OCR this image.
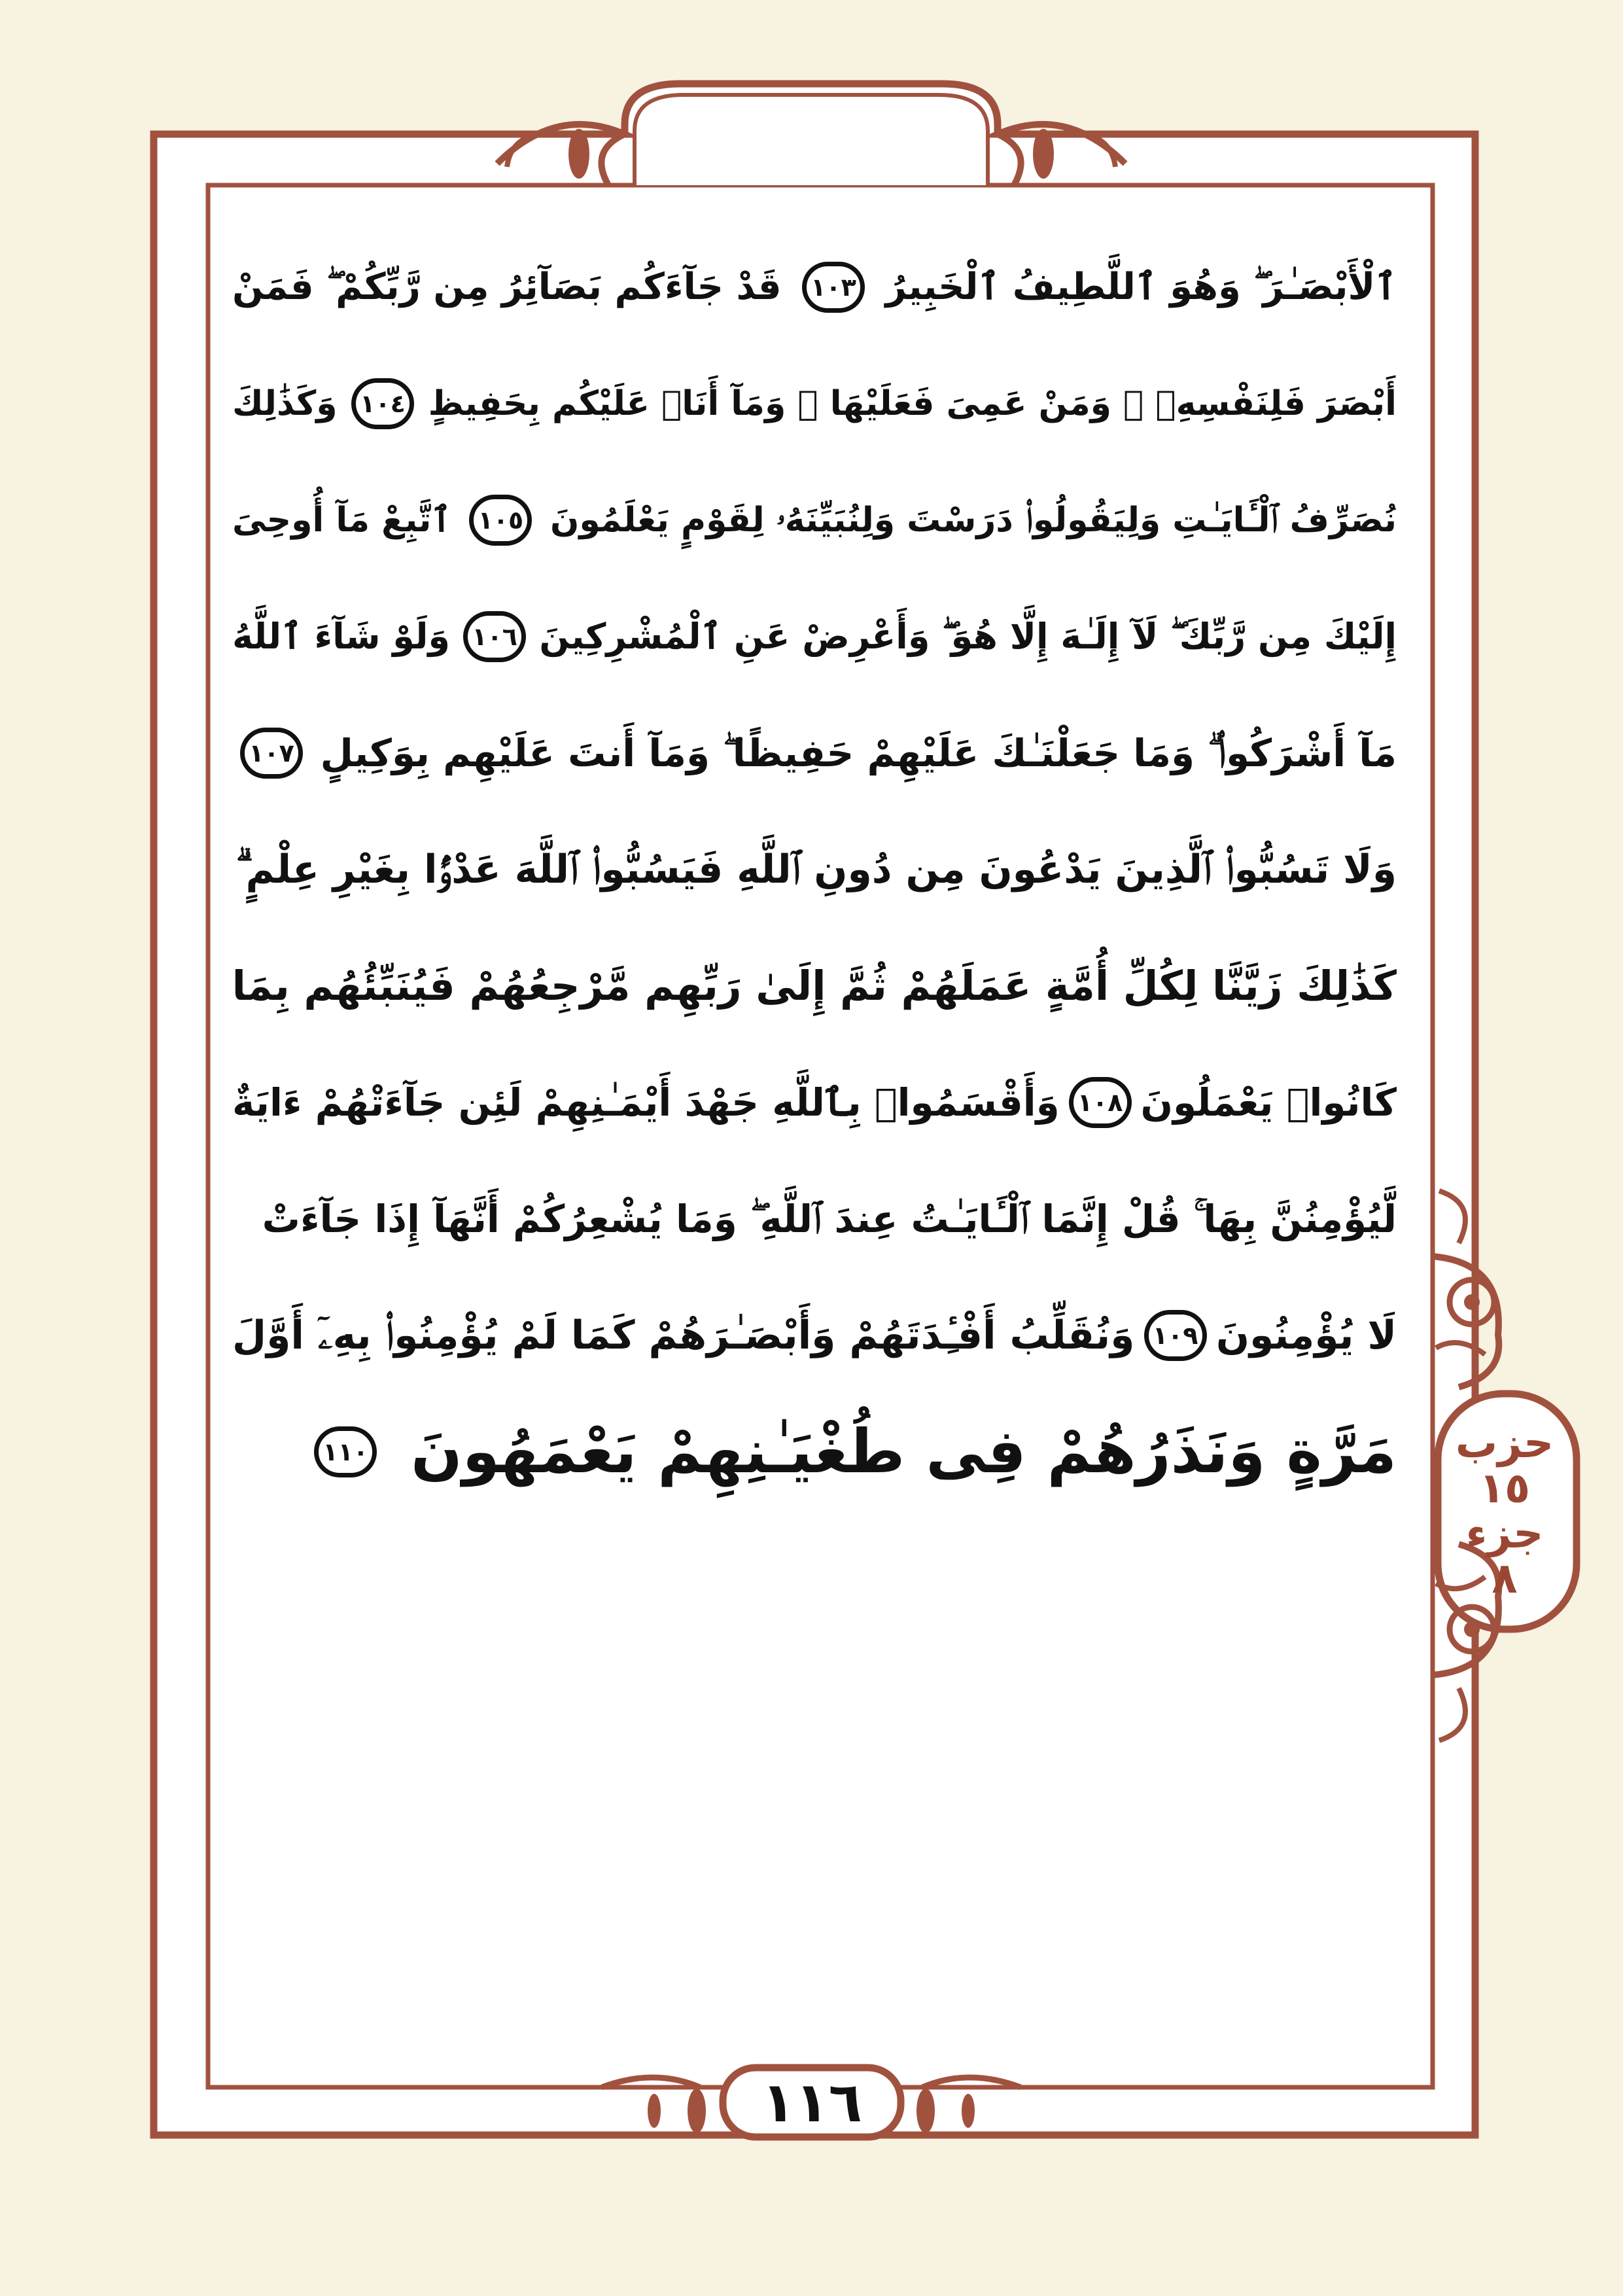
ٱلْأَبْصَـٰرَ ۖ وَهُوَ ٱللَّطِيفُ ٱلْخَبِيرُ
١٠٣
قَدْ جَآءَكُم بَصَآئِرُ مِن رَّبِّكُمْ ۖ فَمَنْ
أَبْصَرَ فَلِنَفْسِهِۦ ۖ وَمَنْ عَمِىَ فَعَلَيْهَا ۚ وَمَآ أَنَا۠ عَلَيْكُم بِحَفِيظٍ
١٠٤
وَكَذَٰلِكَ
نُصَرِّفُ ٱلْـَٔايَـٰتِ وَلِيَقُولُوا۟ دَرَسْتَ وَلِنُبَيِّنَهُۥ لِقَوْمٍ يَعْلَمُونَ
١٠٥
ٱتَّبِعْ مَآ أُوحِىَ
إِلَيْكَ مِن رَّبِّكَ ۖ لَآ إِلَـٰهَ إِلَّا هُوَ ۖ وَأَعْرِضْ عَنِ ٱلْمُشْرِكِينَ
١٠٦
وَلَوْ شَآءَ ٱللَّهُ
مَآ أَشْرَكُوا۟ ۗ وَمَا جَعَلْنَـٰكَ عَلَيْهِمْ حَفِيظًا ۖ وَمَآ أَنتَ عَلَيْهِم بِوَكِيلٍ
١٠٧
وَلَا تَسُبُّوا۟ ٱلَّذِينَ يَدْعُونَ مِن دُونِ ٱللَّهِ فَيَسُبُّوا۟ ٱللَّهَ عَدْوًۢا بِغَيْرِ عِلْمٍ ۗ
كَذَٰلِكَ زَيَّنَّا لِكُلِّ أُمَّةٍ عَمَلَهُمْ ثُمَّ إِلَىٰ رَبِّهِم مَّرْجِعُهُمْ فَيُنَبِّئُهُم بِمَا
كَانُوا۟ يَعْمَلُونَ
١٠٨
وَأَقْسَمُوا۟ بِٱللَّهِ جَهْدَ أَيْمَـٰنِهِمْ لَئِن جَآءَتْهُمْ ءَايَةٌ
لَّيُؤْمِنُنَّ بِهَا ۚ قُلْ إِنَّمَا ٱلْـَٔايَـٰتُ عِندَ ٱللَّهِ ۖ وَمَا يُشْعِرُكُمْ أَنَّهَآ إِذَا جَآءَتْ
لَا يُؤْمِنُونَ
١٠٩
وَنُقَلِّبُ أَفْـِٔدَتَهُمْ وَأَبْصَـٰرَهُمْ كَمَا لَمْ يُؤْمِنُوا۟ بِهِۦٓ أَوَّلَ
مَرَّةٍ وَنَذَرُهُمْ فِى طُغْيَـٰنِهِمْ يَعْمَهُونَ
١١٠
١١٦
حزب
١٥
جزء
٨
